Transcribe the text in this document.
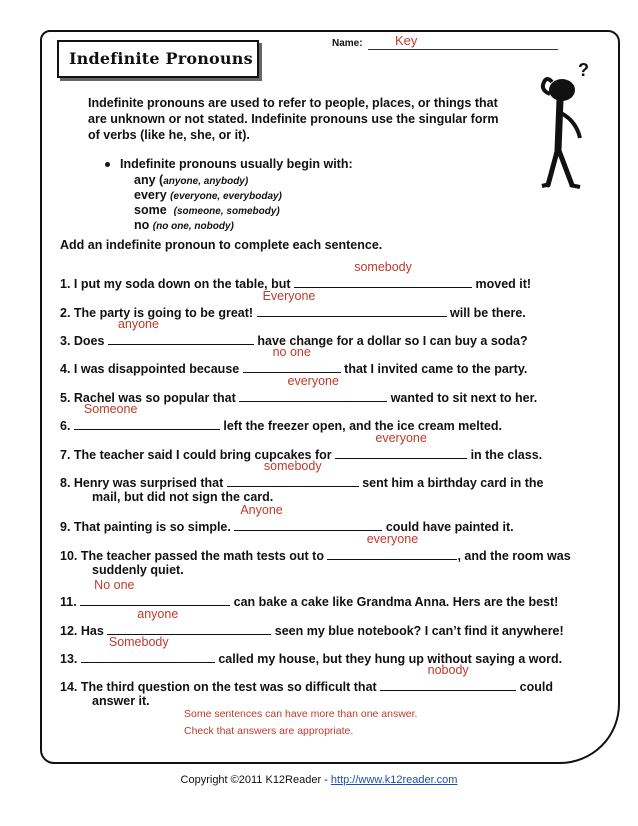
Indefinite Pronouns
Name: Key
?
Indefinite pronouns are used to refer to people, places, or things that are unknown or not stated. Indefinite pronouns use the singular form of verbs (like he, she, or it).
Indefinite pronouns usually begin with:
any (anyone, anybody)
every (everyone, everyboday)
some (someone, somebody)
no (no one, nobody)
Add an indefinite pronoun to complete each sentence.
1. I put my soda down on the table, but
somebody
moved it!
2. The party is going to be great!
Everyone
will be there.
3. Does
anyone
have change for a dollar so I can buy a soda?
4. I was disappointed because
no one
that I invited came to the party.
5. Rachel was so popular that
everyone
wanted to sit next to her.
6.
Someone
left the freezer open, and the ice cream melted.
7. The teacher said I could bring cupcakes for
everyone
in the class.
8. Henry was surprised that
somebody
sent him a birthday card in the
mail, but did not sign the card.
9. That painting is so simple.
Anyone
could have painted it.
10. The teacher passed the math tests out to
everyone
, and the room was
suddenly quiet.
11.
No one
can bake a cake like Grandma Anna. Hers are the best!
12. Has
anyone
seen my blue notebook? I can’t find it anywhere!
13.
Somebody
called my house, but they hung up without saying a word.
14. The third question on the test was so difficult that
nobody
could
answer it.
Some sentences can have more than one answer.
Check that answers are appropriate.
Copyright ©2011 K12Reader - http://www.k12reader.com
